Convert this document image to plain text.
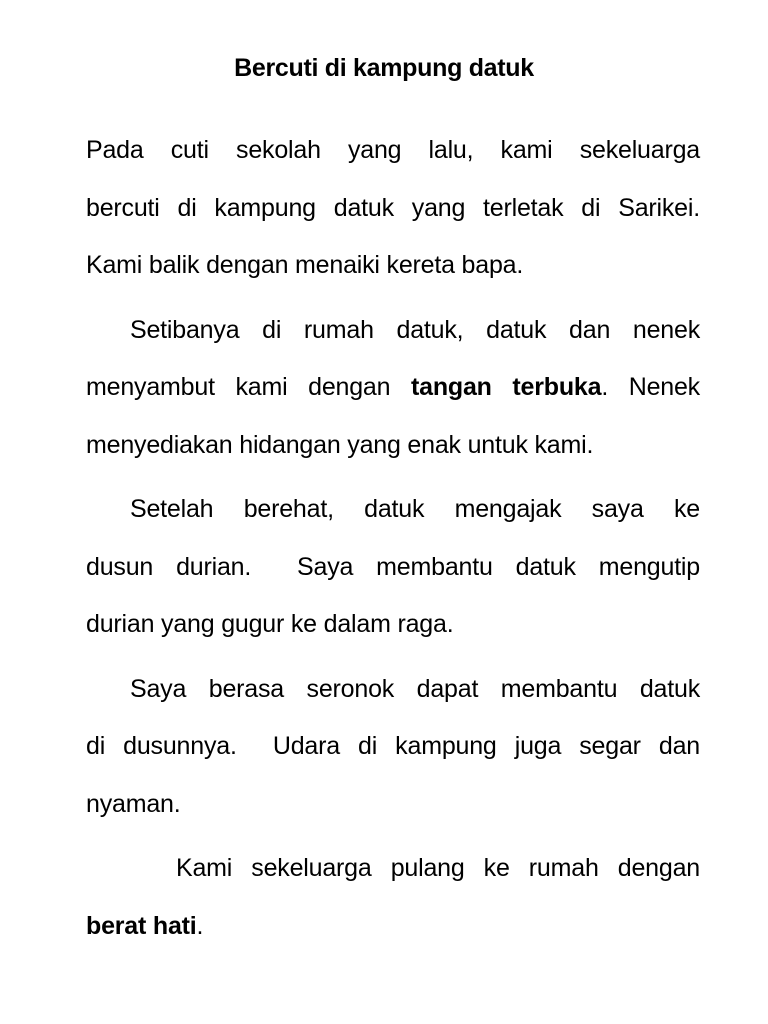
Bercuti di kampung datuk
Pada cuti sekolah yang lalu, kami sekeluarga
bercuti di kampung datuk yang terletak di Sarikei.
Kami balik dengan menaiki kereta bapa.
Setibanya di rumah datuk, datuk dan nenek
menyambut kami dengan tangan terbuka. Nenek
menyediakan hidangan yang enak untuk kami.
Setelah berehat, datuk mengajak saya ke
dusun durian.  Saya membantu datuk mengutip
durian yang gugur ke dalam raga.
Saya berasa seronok dapat membantu datuk
di dusunnya.  Udara di kampung juga segar dan
nyaman.
Kami sekeluarga pulang ke rumah dengan
berat hati.
